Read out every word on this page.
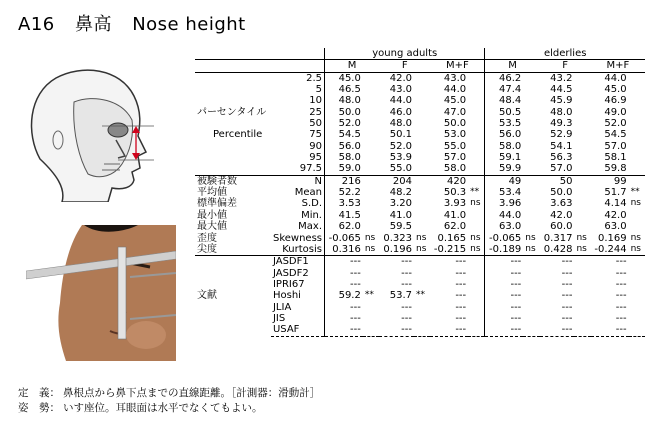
A16 鼻高 Nose height
		young adults						elderlies					
		M		F		M+F		M		F		M+F	
	2.5	45.0		42.0		43.0		46.2		43.2		44.0	
	5	46.5		43.0		44.0		47.4		44.5		45.0	
	10	48.0		44.0		45.0		48.4		45.9		46.9	
パーセンタイル	25	50.0		46.0		47.0		50.5		48.0		49.0	
	50	52.0		48.0		50.0		53.5		49.3		52.0	
Percentile	75	54.5		50.1		53.0		56.0		52.9		54.5	
	90	56.0		52.0		55.0		58.0		54.1		57.0	
	95	58.0		53.9		57.0		59.1		56.3		58.1	
	97.5	59.0		55.0		58.0		59.9		57.0		59.8	
被験者数	N	216		204		420		49		50		99	
平均値	Mean	52.2		48.2		50.3	**	53.4		50.0		51.7	**
標準偏差	S.D.	3.53		3.20		3.93	ns	3.96		3.63		4.14	ns
最小値	Min.	41.5		41.0		41.0		44.0		42.0		42.0	
最大値	Max.	62.0		59.5		62.0		63.0		60.0		63.0	
歪度	Skewness	-0.065	ns	0.323	ns	0.165	ns	-0.065	ns	0.317	ns	0.169	ns
尖度	Kurtosis	0.316	ns	0.196	ns	-0.215	ns	-0.189	ns	0.428	ns	-0.244	ns
	JASDF1	---		---		---		---		---		---	
	JASDF2	---		---		---		---		---		---	
	IPRI67	---		---		---		---		---		---	
文献	Hoshi	59.2	**	53.7	**	---		---		---		---	
	JLIA	---		---		---		---		---		---	
	JIS	---		---		---		---		---		---	
	USAF	---		---		---		---		---		---	
定　義： 鼻根点から鼻下点までの直線距離。［計測器：滑動計］
姿　勢： いす座位。耳眼面は水平でなくてもよい。
